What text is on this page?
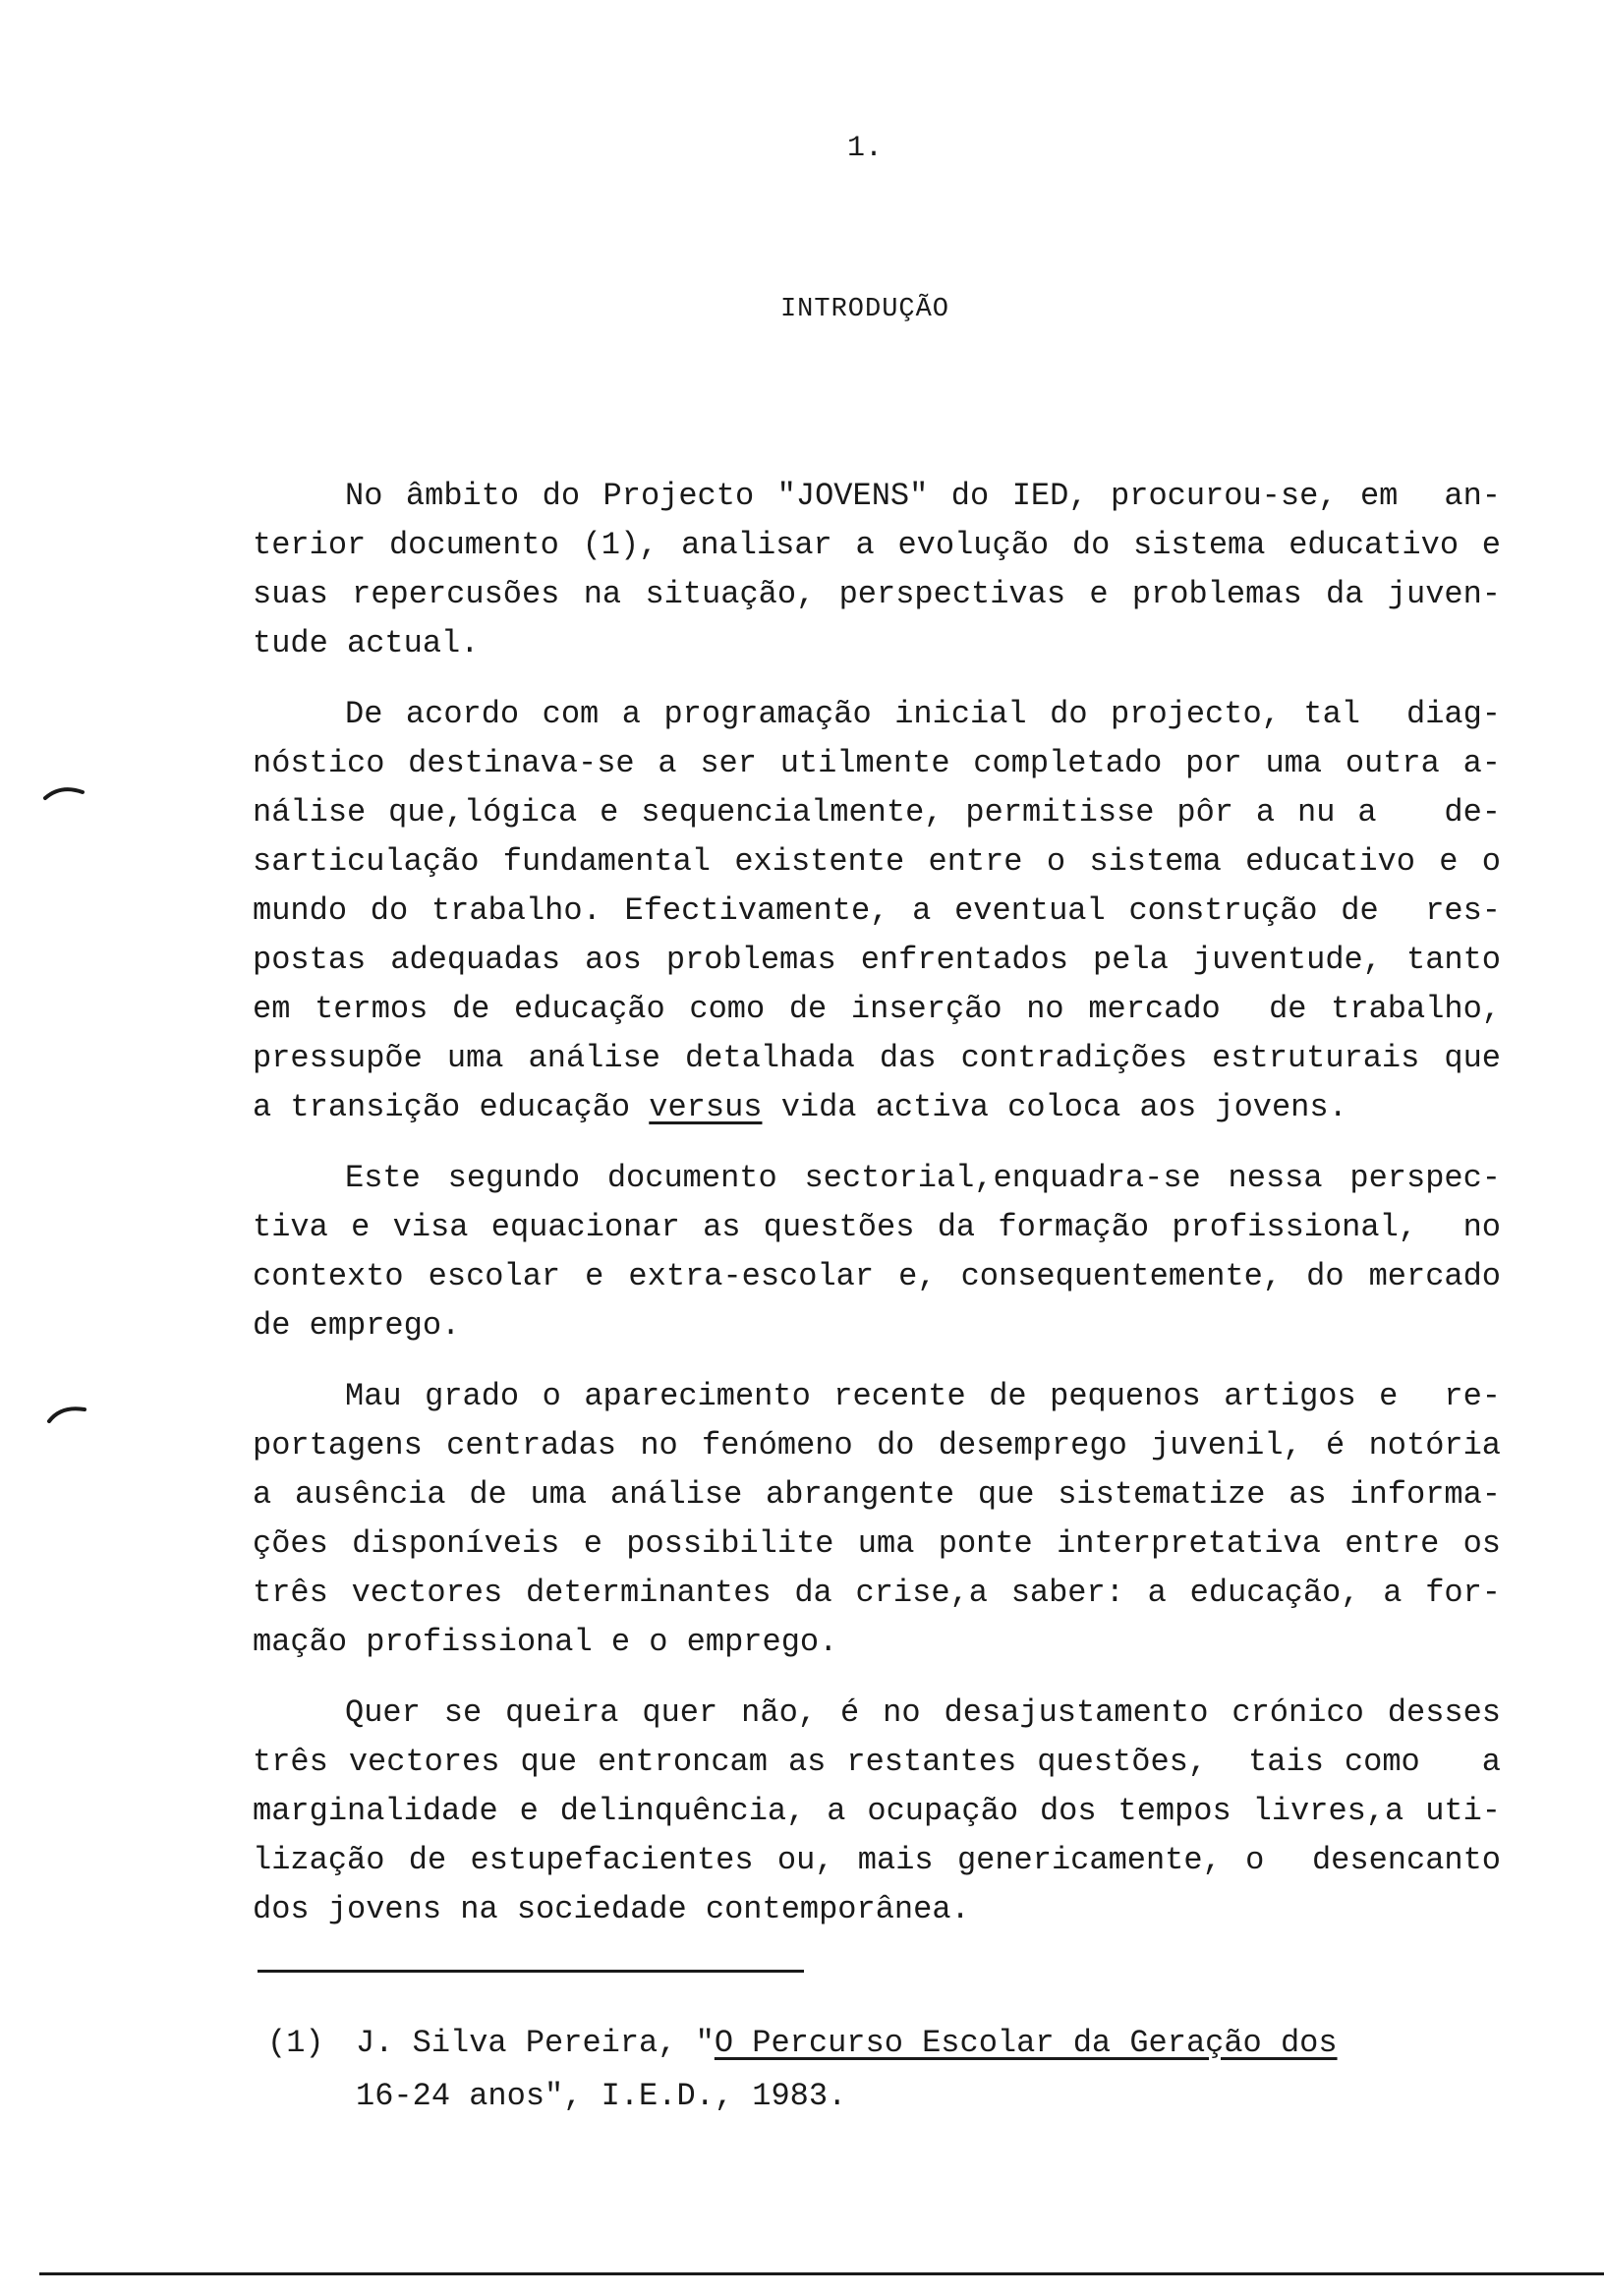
1.
INTRODUÇÃO
No âmbito do Projecto "JOVENS" do IED, procurou-se, em  an-
terior documento (1), analisar a evolução do sistema educativo e
suas repercusões na situação, perspectivas e problemas da juven-
tude actual.
De acordo com a programação inicial do projecto, tal  diag-
nóstico destinava-se a ser utilmente completado por uma outra a-
nálise que,lógica e sequencialmente, permitisse pôr a nu a   de-
sarticulação fundamental existente entre o sistema educativo e o
mundo do trabalho. Efectivamente, a eventual construção de  res-
postas adequadas aos problemas enfrentados pela juventude, tanto
em termos de educação como de inserção no mercado  de trabalho,
pressupõe uma análise detalhada das contradições estruturais que
a transição educação versus vida activa coloca aos jovens.
Este segundo documento sectorial,enquadra-se nessa perspec-
tiva e visa equacionar as questões da formação profissional,  no
contexto escolar e extra-escolar e, consequentemente, do mercado
de emprego.
Mau grado o aparecimento recente de pequenos artigos e  re-
portagens centradas no fenómeno do desemprego juvenil, é notória
a ausência de uma análise abrangente que sistematize as informa-
ções disponíveis e possibilite uma ponte interpretativa entre os
três vectores determinantes da crise,a saber: a educação, a for-
mação profissional e o emprego.
Quer se queira quer não, é no desajustamento crónico desses
três vectores que entroncam as restantes questões,  tais como   a
marginalidade e delinquência, a ocupação dos tempos livres,a uti-
lização de estupefacientes ou, mais genericamente, o  desencanto
dos jovens na sociedade contemporânea.
(1) J. Silva Pereira, "O Percurso Escolar da Geração dos
16-24 anos", I.E.D., 1983.
